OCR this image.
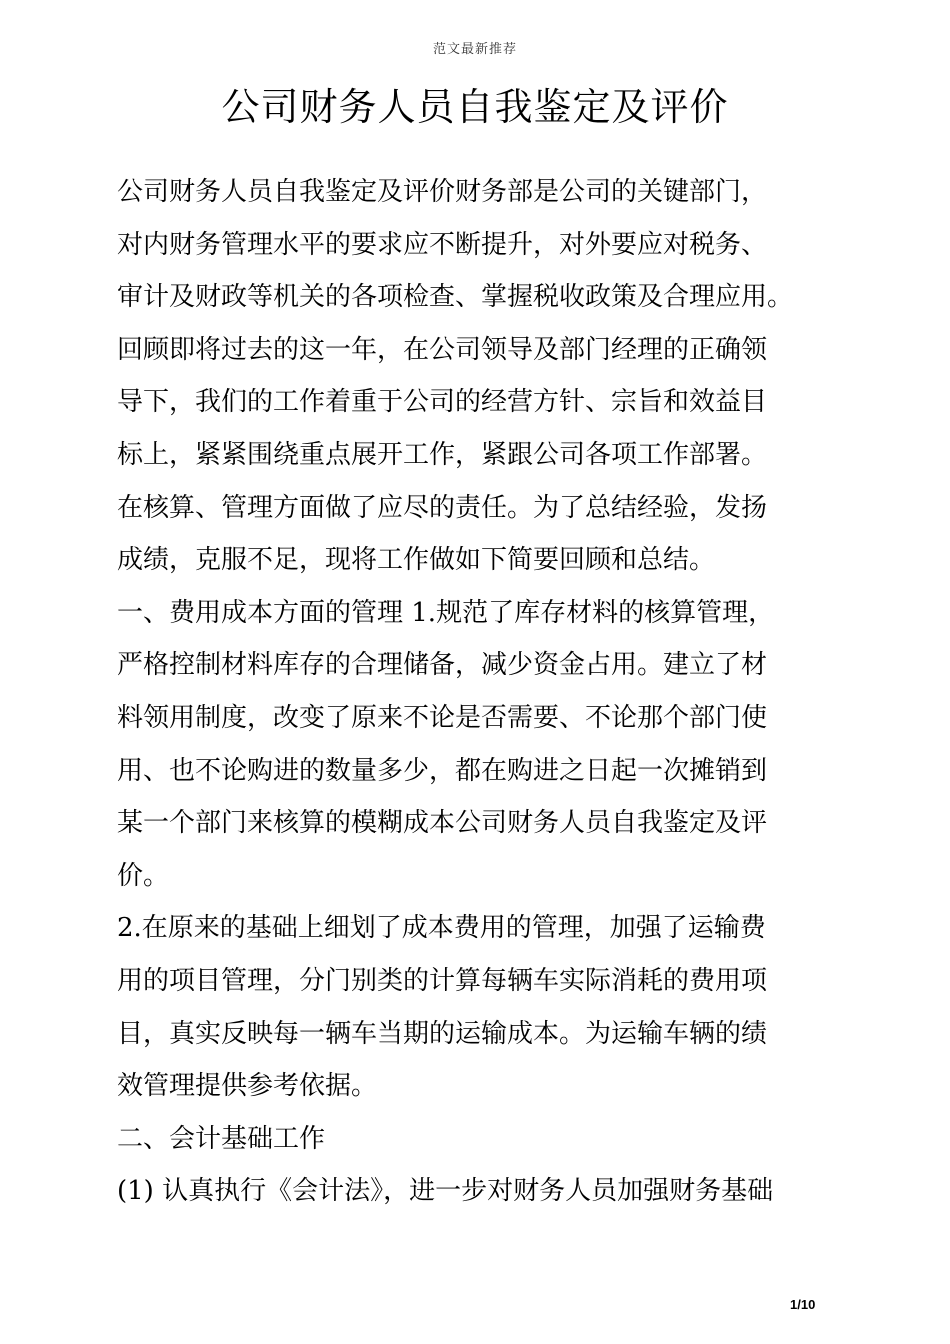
范文最新推荐
公司财务人员自我鉴定及评价
公司财务人员自我鉴定及评价财务部是公司的关键部门，
对内财务管理水平的要求应不断提升，对外要应对税务、
审计及财政等机关的各项检查、掌握税收政策及合理应用。
回顾即将过去的这一年，在公司领导及部门经理的正确领
导下，我们的工作着重于公司的经营方针、宗旨和效益目
标上，紧紧围绕重点展开工作，紧跟公司各项工作部署。
在核算、管理方面做了应尽的责任。为了总结经验，发扬
成绩，克服不足，现将工作做如下简要回顾和总结。
一、费用成本方面的管理 1.规范了库存材料的核算管理，
严格控制材料库存的合理储备，减少资金占用。建立了材
料领用制度，改变了原来不论是否需要、不论那个部门使
用、也不论购进的数量多少，都在购进之日起一次摊销到
某一个部门来核算的模糊成本公司财务人员自我鉴定及评
价。
2.在原来的基础上细划了成本费用的管理，加强了运输费
用的项目管理，分门别类的计算每辆车实际消耗的费用项
目，真实反映每一辆车当期的运输成本。为运输车辆的绩
效管理提供参考依据。
二、会计基础工作
(1) 认真执行《会计法》，进一步对财务人员加强财务基础
1/10
